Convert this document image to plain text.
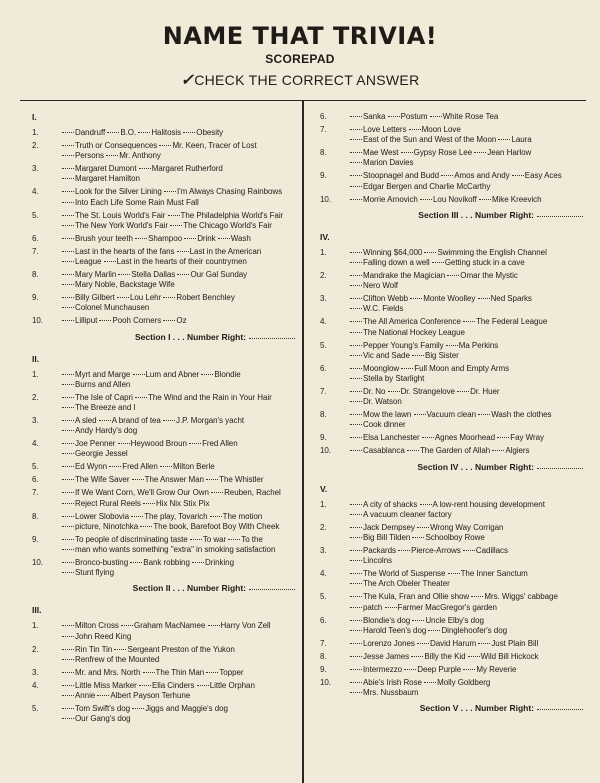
NAME THAT TRIVIA!
SCOREPAD
✓CHECK THE CORRECT ANSWER
I.
1.	Dandruff B.O. Halitosis Obesity
2.	Truth or Consequences Mr. Keen, Tracer of Lost
Persons Mr. Anthony
3.	Margaret Dumont Margaret Rutherford
Margaret Hamilton
4.	Look for the Silver Lining I'm Always Chasing Rainbows
Into Each Life Some Rain Must Fall
5.	The St. Louis World's Fair The Philadelphia World's Fair
The New York World's Fair The Chicago World's Fair
6.	Brush your teeth Shampoo Drink Wash
7.	Last in the hearts of the fans Last in the American
League Last in the hearts of their countrymen
8.	Mary Marlin Stella Dallas Our Gal Sunday
Mary Noble, Backstage Wife
9.	Billy Gilbert Lou Lehr Robert Benchley
Colonel Munchausen
10.	Lilliput Pooh Corners Oz
Section I . . . Number Right:
II.
1.	Myrt and Marge Lum and Abner Blondie
Burns and Allen
2.	The Isle of Capri The Wind and the Rain in Your Hair
The Breeze and I
3.	A sled A brand of tea J.P. Morgan's yacht
Andy Hardy's dog
4.	Joe Penner Heywood Broun Fred Allen
Georgie Jessel
5.	Ed Wynn Fred Allen Milton Berle
6.	The Wife Saver The Answer Man The Whistler
7.	If We Want Corn, We'll Grow Our Own Reuben, Rachel
Reject Rural Reels Hix Nix Stix Pix
8.	Lower Slobovia The play, Tovarich The motion
picture, Ninotchka The book, Barefoot Boy With Cheek
9.	To people of discriminating taste To war To the
man who wants something "extra" in smoking satisfaction
10.	Bronco-busting Bank robbing Drinking
Stunt flying
Section II . . . Number Right:
III.
1.	Milton Cross Graham MacNamee Harry Von Zell
John Reed King
2.	Rin Tin Tin Sergeant Preston of the Yukon
Renfrew of the Mounted
3.	Mr. and Mrs. North The Thin Man Topper
4.	Little Miss Marker Ella Cinders Little Orphan
Annie Albert Payson Terhune
5.	Tom Swift's dog Jiggs and Maggie's dog
Our Gang's dog
6.	Sanka Postum White Rose Tea
7.	Love Letters Moon Love
East of the Sun and West of the Moon Laura
8.	Mae West Gypsy Rose Lee Jean Harlow
Marion Davies
9.	Stoopnagel and Budd Amos and Andy Easy Aces
Edgar Bergen and Charlie McCarthy
10.	Morrie Arnovich Lou Novikoff Mike Kreevich
Section III . . . Number Right:
IV.
1.	Winning $64,000 Swimming the English Channel
Falling down a well Getting stuck in a cave
2.	Mandrake the Magician Omar the Mystic
Nero Wolf
3.	Clifton Webb Monte Woolley Ned Sparks
W.C. Fields
4.	The All America Conference The Federal League
The National Hockey League
5.	Pepper Young's Family Ma Perkins
Vic and Sade Big Sister
6.	Moonglow Full Moon and Empty Arms
Stella by Starlight
7.	Dr. No Dr. Strangelove Dr. Huer
Dr. Watson
8.	Mow the lawn Vacuum clean Wash the clothes
Cook dinner
9.	Elsa Lanchester Agnes Moorhead Fay Wray
10.	Casablanca The Garden of Allah Algiers
Section IV . . . Number Right:
V.
1.	A city of shacks A low-rent housing development
A vacuum cleaner factory
2.	Jack Dempsey Wrong Way Corrigan
Big Bill Tilden Schoolboy Rowe
3.	Packards Pierce-Arrows Cadillacs
Lincolns
4.	The World of Suspense The Inner Sanctum
The Arch Obeler Theater
5.	The Kula, Fran and Ollie show Mrs. Wiggs' cabbage
patch Farmer MacGregor's garden
6.	Blondie's dog Uncle Elby's dog
Harold Teen's dog Dinglehoofer's dog
7.	Lorenzo Jones David Harum Just Plain Bill
8.	Jesse James Billy the Kid Wild Bill Hickock
9.	Intermezzo Deep Purple My Reverie
10.	Abie's Irish Rose Molly Goldberg
Mrs. Nussbaum
Section V . . . Number Right:
